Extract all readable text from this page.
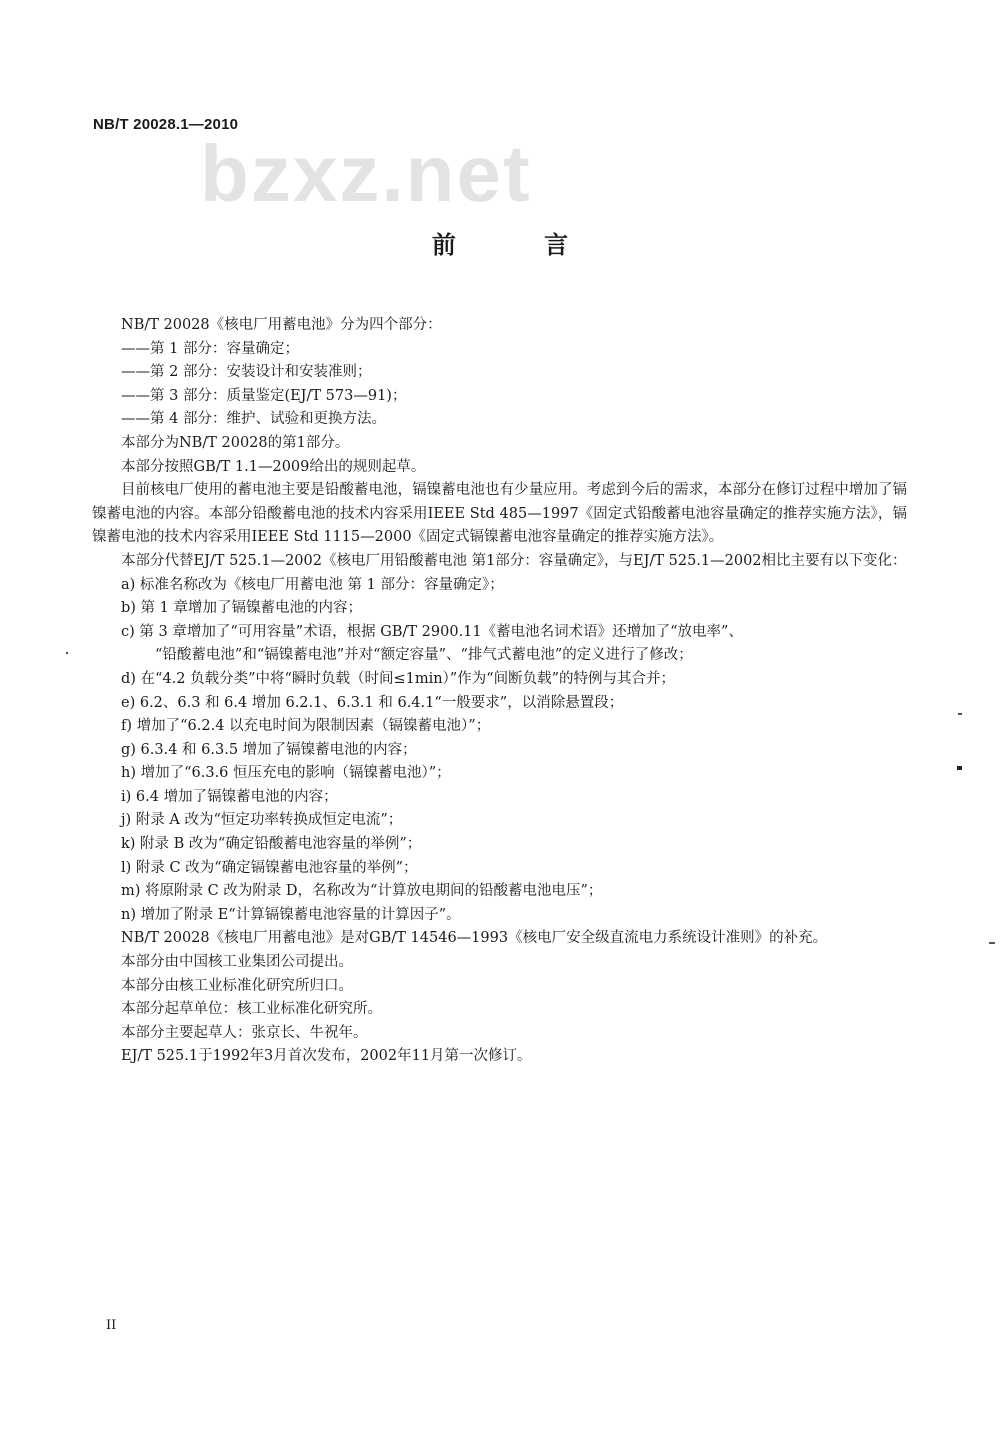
NB/T 20028.1—2010
bzxz.net
前 言

NB/T 20028《核电厂用蓄电池》分为四个部分：

——第 1 部分：容量确定；

——第 2 部分：安装设计和安装准则；

——第 3 部分：质量鉴定(EJ/T 573—91)；

——第 4 部分：维护、试验和更换方法。

本部分为NB/T 20028的第1部分。

本部分按照GB/T 1.1—2009给出的规则起草。

目前核电厂使用的蓄电池主要是铅酸蓄电池，镉镍蓄电池也有少量应用。考虑到今后的需求，本部分在修订过程中增加了镉镍蓄电池的内容。本部分铅酸蓄电池的技术内容采用IEEE Std 485—1997《固定式铅酸蓄电池容量确定的推荐实施方法》，镉镍蓄电池的技术内容采用IEEE Std 1115—2000《固定式镉镍蓄电池容量确定的推荐实施方法》。

本部分代替EJ/T 525.1—2002《核电厂用铅酸蓄电池 第1部分：容量确定》，与EJ/T 525.1—2002相比主要有以下变化：

a) 标准名称改为《核电厂用蓄电池 第 1 部分：容量确定》；

b) 第 1 章增加了镉镍蓄电池的内容；

c) 第 3 章增加了“可用容量”术语，根据 GB/T 2900.11《蓄电池名词术语》还增加了“放电率”、
“铅酸蓄电池”和“镉镍蓄电池”并对“额定容量”、“排气式蓄电池”的定义进行了修改；

d) 在“4.2 负载分类”中将“瞬时负载（时间≤1min）”作为“间断负载”的特例与其合并；

e) 6.2、6.3 和 6.4 增加 6.2.1、6.3.1 和 6.4.1“一般要求”，以消除悬置段；

f) 增加了“6.2.4 以充电时间为限制因素（镉镍蓄电池）”；

g) 6.3.4 和 6.3.5 增加了镉镍蓄电池的内容；

h) 增加了“6.3.6 恒压充电的影响（镉镍蓄电池）”；

i) 6.4 增加了镉镍蓄电池的内容；

j) 附录 A 改为“恒定功率转换成恒定电流”；

k) 附录 B 改为“确定铅酸蓄电池容量的举例”；

l) 附录 C 改为“确定镉镍蓄电池容量的举例”；

m) 将原附录 C 改为附录 D，名称改为“计算放电期间的铅酸蓄电池电压”；

n) 增加了附录 E“计算镉镍蓄电池容量的计算因子”。

NB/T 20028《核电厂用蓄电池》是对GB/T 14546—1993《核电厂安全级直流电力系统设计准则》的补充。

本部分由中国核工业集团公司提出。

本部分由核工业标准化研究所归口。

本部分起草单位：核工业标准化研究所。

本部分主要起草人：张京长、牛祝年。

EJ/T 525.1于1992年3月首次发布，2002年11月第一次修订。

II
